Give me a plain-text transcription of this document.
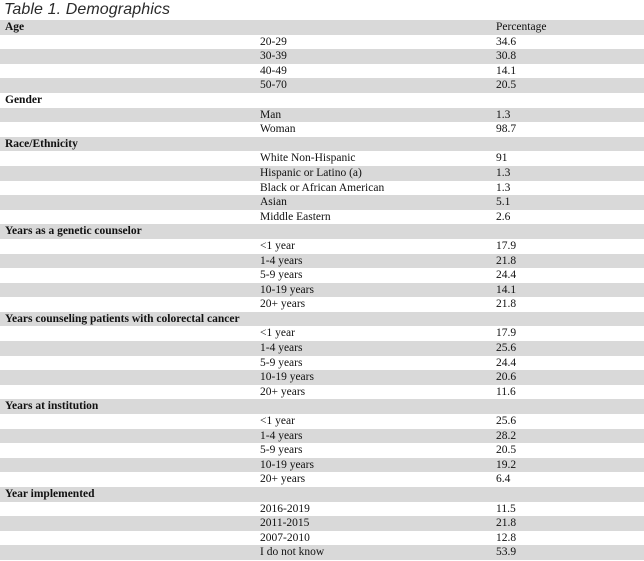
Table 1. Demographics
Age	Percentage
20-29	34.6
30-39	30.8
40-49	14.1
50-70	20.5
Gender
Man	1.3
Woman	98.7
Race/Ethnicity
White Non-Hispanic	91
Hispanic or Latino (a)	1.3
Black or African American	1.3
Asian	5.1
Middle Eastern	2.6
Years as a genetic counselor
<1 year	17.9
1-4 years	21.8
5-9 years	24.4
10-19 years	14.1
20+ years	21.8
Years counseling patients with colorectal cancer
<1 year	17.9
1-4 years	25.6
5-9 years	24.4
10-19 years	20.6
20+ years	11.6
Years at institution
<1 year	25.6
1-4 years	28.2
5-9 years	20.5
10-19 years	19.2
20+ years	6.4
Year implemented
2016-2019	11.5
2011-2015	21.8
2007-2010	12.8
I do not know	53.9
